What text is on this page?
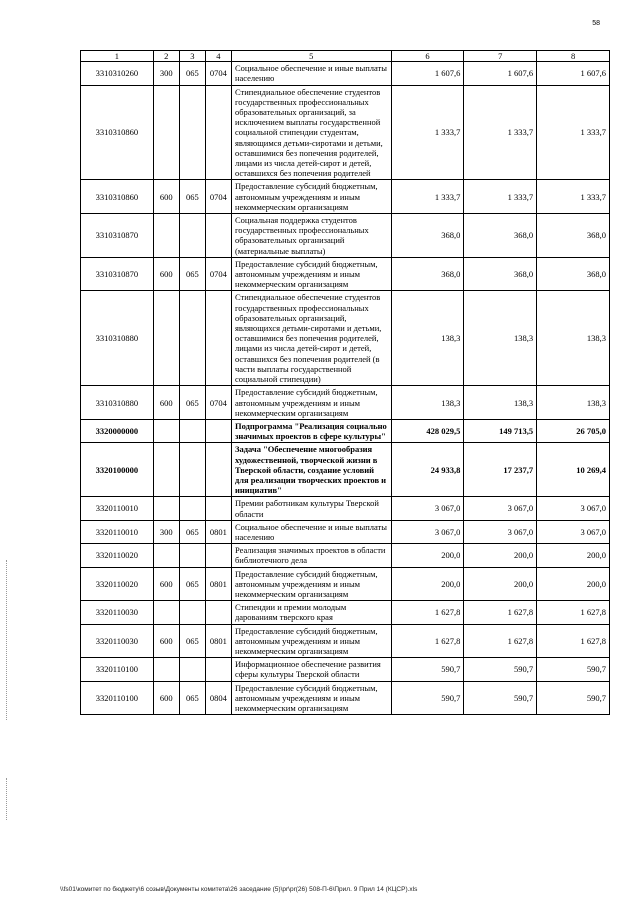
58
1	2	3	4	5	6	7	8
3310310260	300	065	0704	Социальное обеспечение и иные выплаты населению	1 607,6	1 607,6	1 607,6
3310310860				Стипендиальное обеспечение студентов государственных профессиональных образовательных организаций, за исключением выплаты государственной социальной стипендии студентам, являющимся детьми-сиротами и детьми, оставшимися без попечения родителей, лицами из числа детей-сирот и детей, оставшихся без попечения родителей	1 333,7	1 333,7	1 333,7
3310310860	600	065	0704	Предоставление субсидий бюджетным, автономным учреждениям и иным некоммерческим организациям	1 333,7	1 333,7	1 333,7
3310310870				Социальная поддержка студентов государственных профессиональных образовательных организаций (материальные выплаты)	368,0	368,0	368,0
3310310870	600	065	0704	Предоставление субсидий бюджетным, автономным учреждениям и иным некоммерческим организациям	368,0	368,0	368,0
3310310880				Стипендиальное обеспечение студентов государственных профессиональных образовательных организаций, являющихся детьми-сиротами и детьми, оставшимися без попечения родителей, лицами из числа детей-сирот и детей, оставшихся без попечения родителей (в части выплаты государственной социальной стипендии)	138,3	138,3	138,3
3310310880	600	065	0704	Предоставление субсидий бюджетным, автономным учреждениям и иным некоммерческим организациям	138,3	138,3	138,3
3320000000				Подпрограмма "Реализация социально значимых проектов в сфере культуры"	428 029,5	149 713,5	26 705,0
3320100000				Задача "Обеспечение многообразия художественной, творческой жизни в Тверской области, создание условий для реализации творческих проектов и инициатив"	24 933,8	17 237,7	10 269,4
3320110010				Премии работникам культуры Тверской области	3 067,0	3 067,0	3 067,0
3320110010	300	065	0801	Социальное обеспечение и иные выплаты населению	3 067,0	3 067,0	3 067,0
3320110020				Реализация значимых проектов в области библиотечного дела	200,0	200,0	200,0
3320110020	600	065	0801	Предоставление субсидий бюджетным, автономным учреждениям и иным некоммерческим организациям	200,0	200,0	200,0
3320110030				Стипендии и премии молодым дарованиям тверского края	1 627,8	1 627,8	1 627,8
3320110030	600	065	0801	Предоставление субсидий бюджетным, автономным учреждениям и иным некоммерческим организациям	1 627,8	1 627,8	1 627,8
3320110100				Информационное обеспечение развития сферы культуры Тверской области	590,7	590,7	590,7
3320110100	600	065	0804	Предоставление субсидий бюджетным, автономным учреждениям и иным некоммерческим организациям	590,7	590,7	590,7
\\fs01\комитет по бюджету\6 созыв\Документы комитета\26 заседание (5)\pr\pr(26) 508-П-6\Прил. 9 Прил 14 (КЦСР).xls
